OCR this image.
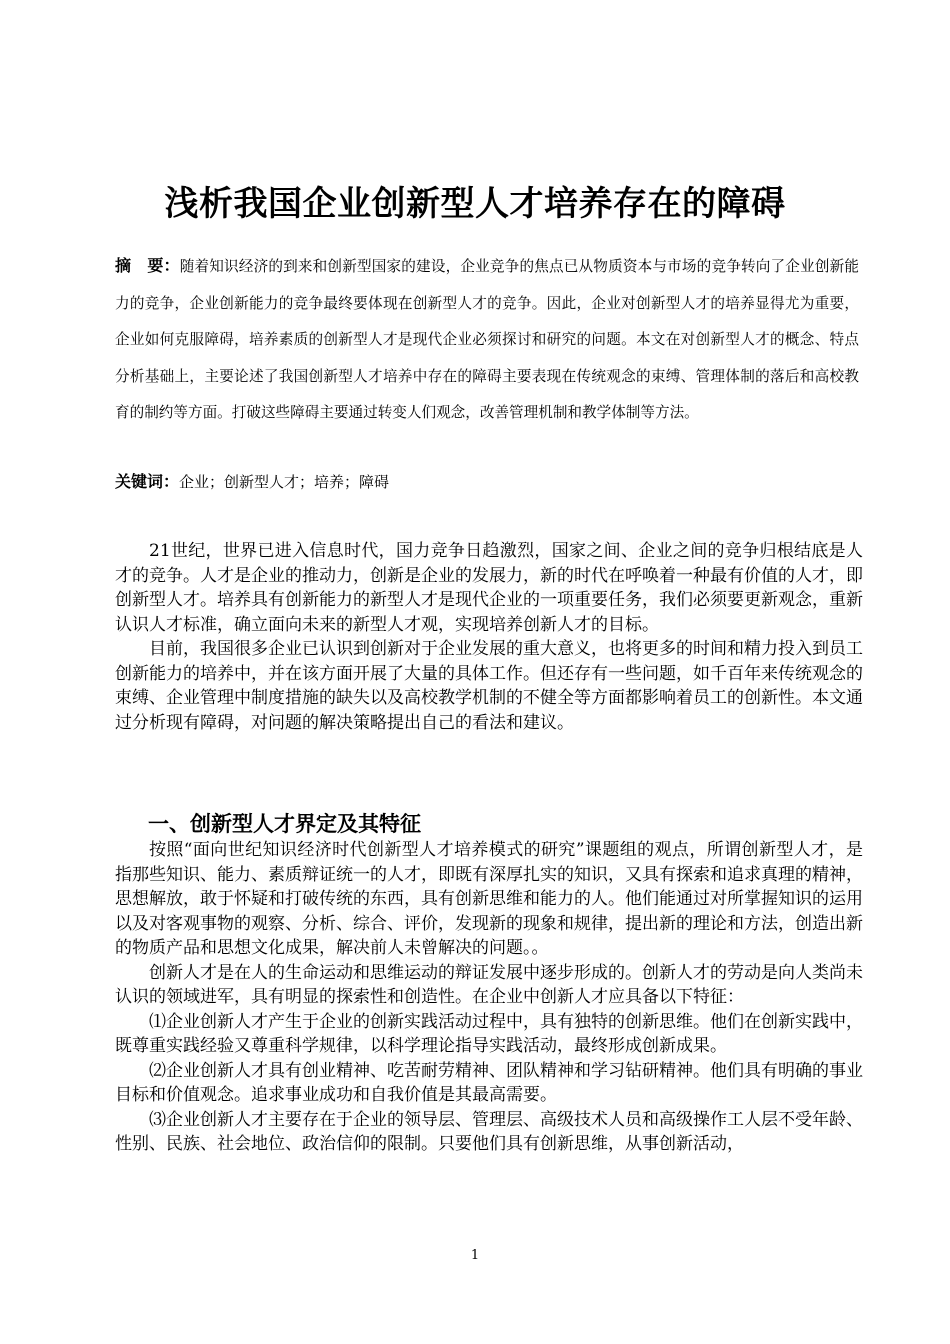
浅析我国企业创新型人才培养存在的障碍
摘　要：随着知识经济的到来和创新型国家的建设，企业竞争的焦点已从物质资本与市场的竞争转向了企业创新能力的竞争，企业创新能力的竞争最终要体现在创新型人才的竞争。因此，企业对创新型人才的培养显得尤为重要，企业如何克服障碍，培养素质的创新型人才是现代企业必须探讨和研究的问题。本文在对创新型人才的概念、特点分析基础上，主要论述了我国创新型人才培养中存在的障碍主要表现在传统观念的束缚、管理体制的落后和高校教育的制约等方面。打破这些障碍主要通过转变人们观念，改善管理机制和教学体制等方法。
关键词：企业；创新型人才；培养；障碍

21世纪，世界已进入信息时代，国力竞争日趋激烈，国家之间、企业之间的竞争归根结底是人才的竞争。人才是企业的推动力，创新是企业的发展力，新的时代在呼唤着一种最有价值的人才，即创新型人才。培养具有创新能力的新型人才是现代企业的一项重要任务，我们必须要更新观念，重新认识人才标准，确立面向未来的新型人才观，实现培养创新人才的目标。

目前，我国很多企业已认识到创新对于企业发展的重大意义，也将更多的时间和精力投入到员工创新能力的培养中，并在该方面开展了大量的具体工作。但还存有一些问题，如千百年来传统观念的束缚、企业管理中制度措施的缺失以及高校教学机制的不健全等方面都影响着员工的创新性。本文通过分析现有障碍，对问题的解决策略提出自己的看法和建议。

一、创新型人才界定及其特征

按照“面向世纪知识经济时代创新型人才培养模式的研究”课题组的观点，所谓创新型人才，是指那些知识、能力、素质辩证统一的人才，即既有深厚扎实的知识，又具有探索和追求真理的精神，思想解放，敢于怀疑和打破传统的东西，具有创新思维和能力的人。他们能通过对所掌握知识的运用以及对客观事物的观察、分析、综合、评价，发现新的现象和规律，提出新的理论和方法，创造出新的物质产品和思想文化成果，解决前人未曾解决的问题。。

创新人才是在人的生命运动和思维运动的辩证发展中逐步形成的。创新人才的劳动是向人类尚未认识的领域进军，具有明显的探索性和创造性。在企业中创新人才应具备以下特征：

⑴企业创新人才产生于企业的创新实践活动过程中，具有独特的创新思维。他们在创新实践中，既尊重实践经验又尊重科学规律，以科学理论指导实践活动，最终形成创新成果。

⑵企业创新人才具有创业精神、吃苦耐劳精神、团队精神和学习钻研精神。他们具有明确的事业目标和价值观念。追求事业成功和自我价值是其最高需要。

⑶企业创新人才主要存在于企业的领导层、管理层、高级技术人员和高级操作工人层不受年龄、性别、民族、社会地位、政治信仰的限制。只要他们具有创新思维，从事创新活动，

1
